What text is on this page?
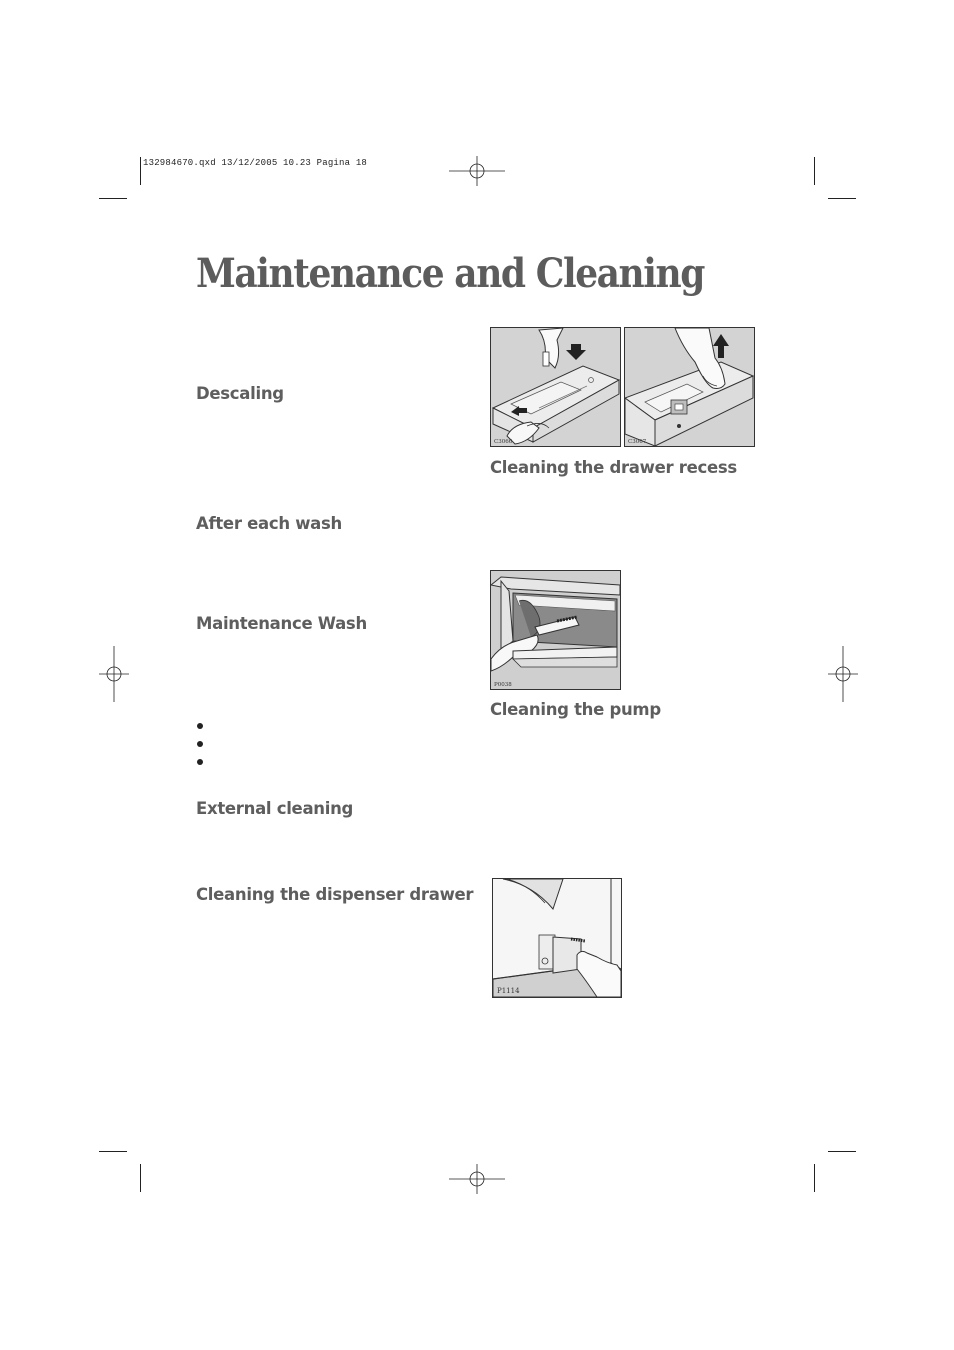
132984670.qxd 13/12/2005 10.23 Pagina 18
Maintenance and Cleaning
Descaling
After each wash
Maintenance Wash
External cleaning
Cleaning the dispenser drawer
C3066	C3067
Cleaning the drawer recess
P0038
Cleaning the pump
P1114
